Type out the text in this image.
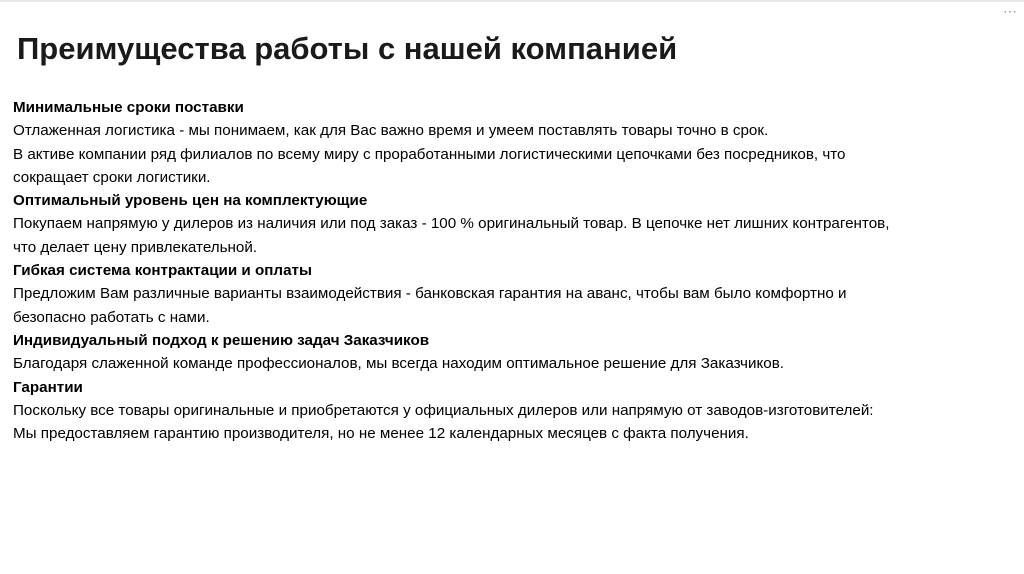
⋯
Преимущества работы с нашей компанией
Минимальные сроки поставки
Отлаженная логистика - мы понимаем, как для Вас важно время и умеем поставлять товары точно в срок.
В активе компании ряд филиалов по всему миру с проработанными логистическими цепочками без посредников, что
сокращает сроки логистики.
Оптимальный уровень цен на комплектующие
Покупаем напрямую у дилеров из наличия или под заказ - 100 % оригинальный товар. В цепочке нет лишних контрагентов,
что делает цену привлекательной.
Гибкая система контрактации и оплаты
Предложим Вам различные варианты взаимодействия - банковская гарантия на аванс, чтобы вам было комфортно и
безопасно работать с нами.
Индивидуальный подход к решению задач Заказчиков
Благодаря слаженной команде профессионалов, мы всегда находим оптимальное решение для Заказчиков.
Гарантии
Поскольку все товары оригинальные и приобретаются у официальных дилеров или напрямую от заводов-изготовителей:
Мы предоставляем гарантию производителя, но не менее 12 календарных месяцев с факта получения.
